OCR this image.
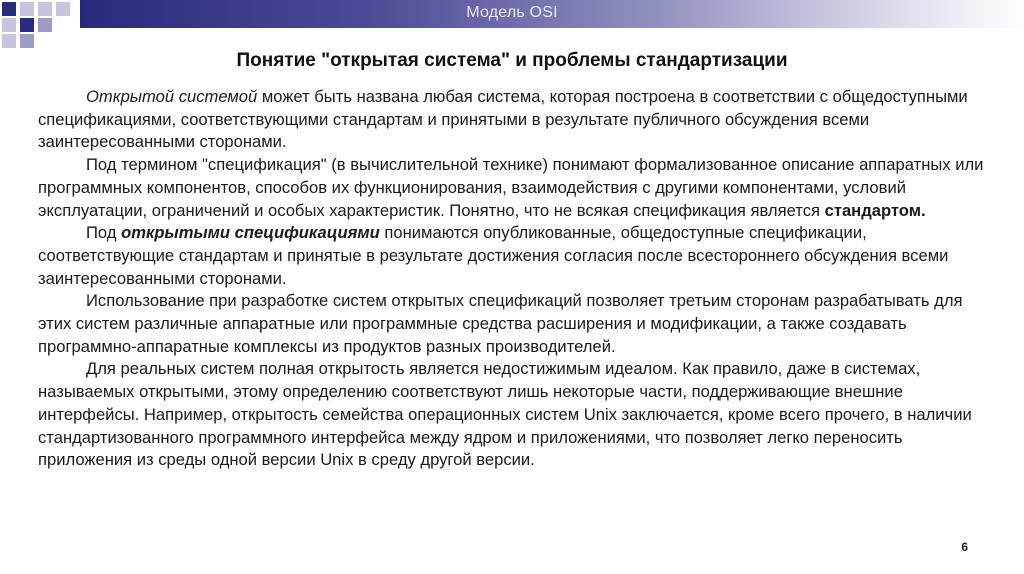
Модель OSI
Понятие "открытая система" и проблемы стандартизации

Открытой системой может быть названа любая система, которая построена в соответствии с общедоступными спецификациями, соответствующими стандартам и принятыми в результате публичного обсуждения всеми заинтересованными сторонами.

Под термином "спецификация" (в вычислительной технике) понимают формализованное описание аппаратных или программных компонентов, способов их функционирования, взаимодействия с другими компонентами, условий эксплуатации, ограничений и особых характеристик. Понятно, что не всякая спецификация является стандартом.

Под открытыми спецификациями понимаются опубликованные, общедоступные спецификации, соответствующие стандартам и принятые в результате достижения согласия после всестороннего обсуждения всеми заинтересованными сторонами.

Использование при разработке систем открытых спецификаций позволяет третьим сторонам разрабатывать для этих систем различные аппаратные или программные средства расширения и модификации, а также создавать программно-аппаратные комплексы из продуктов разных производителей.

Для реальных систем полная открытость является недостижимым идеалом. Как правило, даже в системах, называемых открытыми, этому определению соответствуют лишь некоторые части, поддерживающие внешние интерфейсы. Например, открытость семейства операционных систем Unix заключается, кроме всего прочего, в наличии стандартизованного программного интерфейса между ядром и приложениями, что позволяет легко переносить приложения из среды одной версии Unix в среду другой версии.

6
